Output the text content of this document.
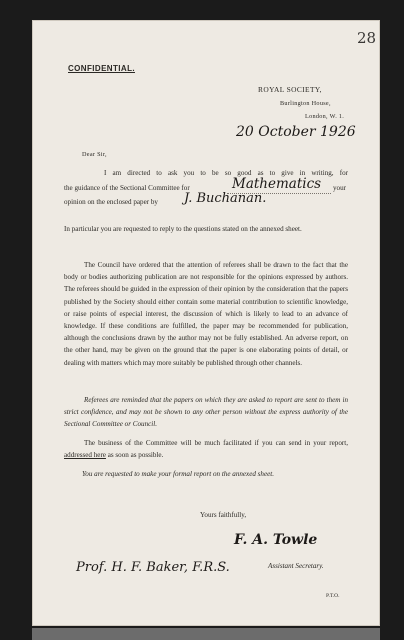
28
CONFIDENTIAL.
ROYAL SOCIETY,
Burlington House,
London, W. 1.
20 October 1926
Dear Sir,
I am directed to ask you to be so good as to give in writing, for
the guidance of the Sectional Committee for	Mathematics your
opinion on the enclosed paper by J. Buchanan.

In particular you are requested to reply to the questions stated on the annexed sheet.

The Council have ordered that the attention of referees shall be drawn to the fact that the body or bodies authorizing publication are not responsible for the opinions expressed by authors. The referees should be guided in the expression of their opinion by the consideration that the papers published by the Society should either contain some material contribution to scientific knowledge, or raise points of especial interest, the discussion of which is likely to lead to an advance of knowledge. If these conditions are fulfilled, the paper may be recommended for publication, although the conclusions drawn by the author may not be fully established. An adverse report, on the other hand, may be given on the ground that the paper is one elaborating points of detail, or dealing with matters which may more suitably be published through other channels.

Referees are reminded that the papers on which they are asked to report are sent to them in strict confidence, and may not be shown to any other person without the express authority of the Sectional Committee or Council.

The business of the Committee will be much facilitated if you can send in your report, addressed here as soon as possible.

You are requested to make your formal report on the annexed sheet.
Yours faithfully,
F. A. Towle
Assistant Secretary.
Prof. H. F. Baker, F.R.S.
P.T.O.
